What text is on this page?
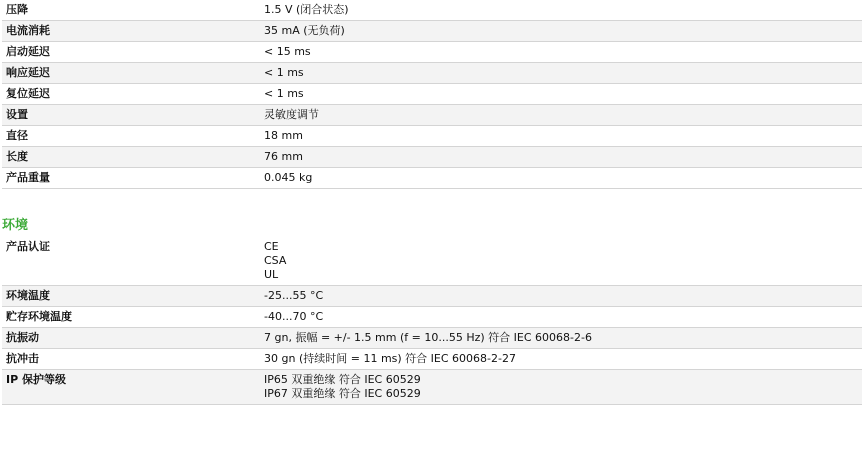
压降	1.5 V (闭合状态)

电流消耗	35 mA (无负荷)

启动延迟	< 15 ms

响应延迟	< 1 ms

复位延迟	< 1 ms

设置	灵敏度调节

直径	18 mm

长度	76 mm

产品重量	0.045 kg
环境
产品认证	CE
CSA
UL

环境温度	-25...55 °C

贮存环境温度	-40...70 °C

抗振动	7 gn, 振幅 = +/- 1.5 mm (f = 10...55 Hz) 符合 IEC 60068-2-6

抗冲击	30 gn (持续时间 = 11 ms) 符合 IEC 60068-2-27

IP 保护等级	IP65 双重绝缘 符合 IEC 60529
IP67 双重绝缘 符合 IEC 60529
